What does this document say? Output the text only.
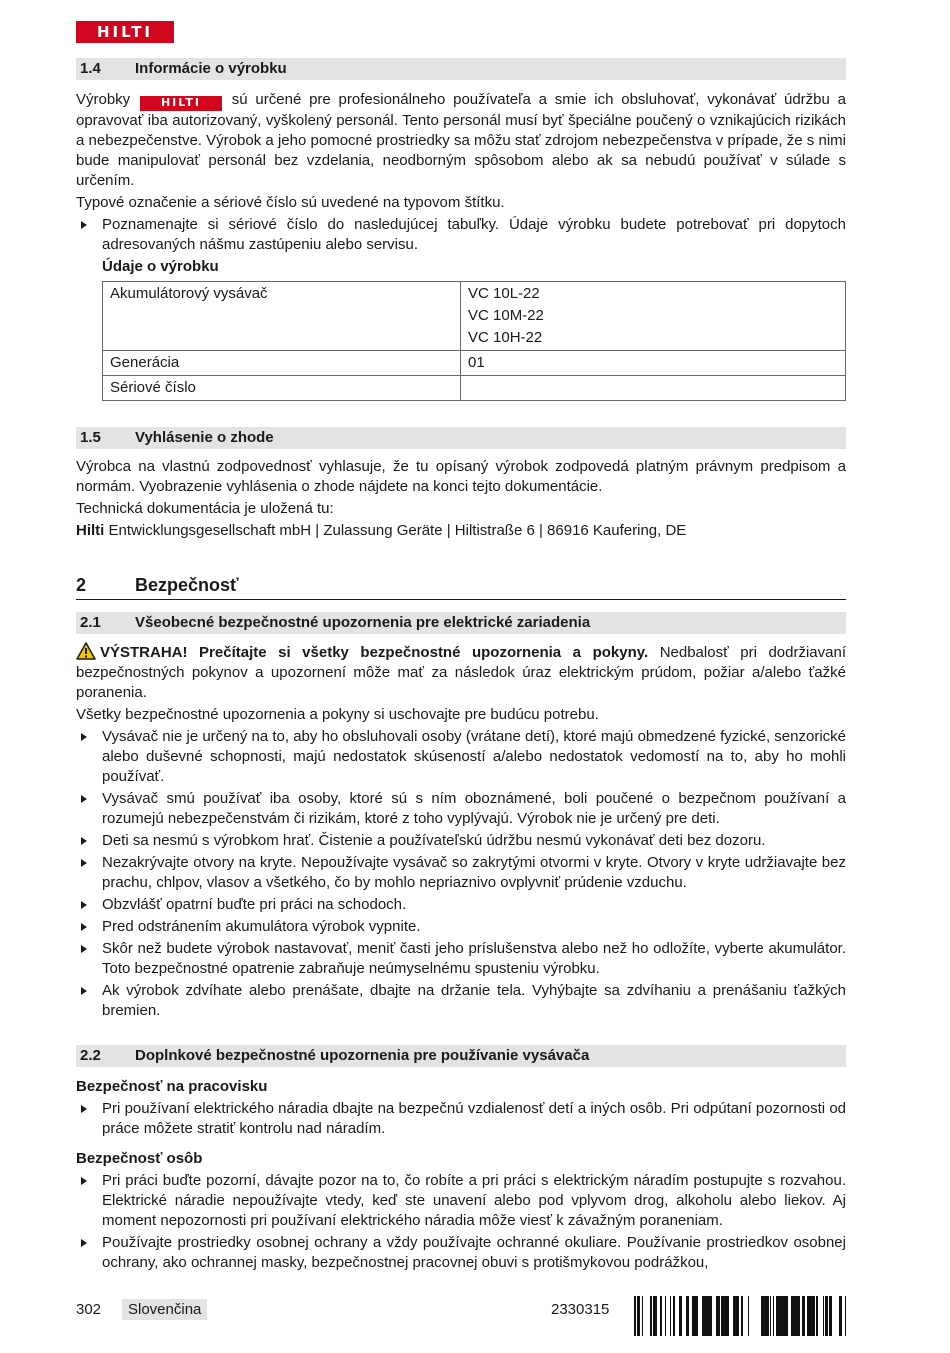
HILTI
1.4	Informácie o výrobku

Výrobky	HILTI sú určené pre profesionálneho používateľa a smie ich obsluhovať, vykonávať údržbu a opravovať iba autorizovaný, vyškolený personál. Tento personál musí byť špeciálne poučený o vznikajúcich rizikách a nebezpečenstve. Výrobok a jeho pomocné prostriedky sa môžu stať zdrojom nebezpečenstva v prípade, že s nimi bude manipulovať personál bez vzdelania, neodborným spôsobom alebo ak sa nebudú používať v súlade s určením.

Typové označenie a sériové číslo sú uvedené na typovom štítku.

Poznamenajte si sériové číslo do nasledujúcej tabuľky. Údaje výrobku budete potrebovať pri dopytoch adresovaných nášmu zastúpeniu alebo servisu.
Údaje o výrobku
Akumulátorový vysávač	VC 10L-22
VC 10M-22
VC 10H-22

Generácia	01
Sériové číslo	
1.5	Vyhlásenie o zhode

Výrobca na vlastnú zodpovednosť vyhlasuje, že tu opísaný výrobok zodpovedá platným právnym predpisom a normám. Vyobrazenie vyhlásenia o zhode nájdete na konci tejto dokumentácie.

Technická dokumentácia je uložená tu:

Hilti Entwicklungsgesellschaft mbH | Zulassung Geräte | Hiltistraße 6 | 86916 Kaufering, DE

2	Bezpečnosť
2.1	Všeobecné bezpečnostné upozornenia pre elektrické zariadenia

VÝSTRAHA! Prečítajte si všetky bezpečnostné upozornenia a pokyny. Nedbalosť pri dodržiavaní bezpečnostných pokynov a upozornení môže mať za následok úraz elektrickým prúdom, požiar a/alebo ťažké poranenia.

Všetky bezpečnostné upozornenia a pokyny si uschovajte pre budúcu potrebu.

Vysávač nie je určený na to, aby ho obsluhovali osoby (vrátane detí), ktoré majú obmedzené fyzické, senzorické alebo duševné schopnosti, majú nedostatok skúseností a/alebo nedostatok vedomostí na to, aby ho mohli používať.
Vysávač smú používať iba osoby, ktoré sú s ním oboznámené, boli poučené o bezpečnom používaní a rozumejú nebezpečenstvám či rizikám, ktoré z toho vyplývajú. Výrobok nie je určený pre deti.
Deti sa nesmú s výrobkom hrať. Čistenie a používateľskú údržbu nesmú vykonávať deti bez dozoru.
Nezakrývajte otvory na kryte. Nepoužívajte vysávač so zakrytými otvormi v kryte. Otvory v kryte udržiavajte bez prachu, chlpov, vlasov a všetkého, čo by mohlo nepriaznivo ovplyvniť prúdenie vzduchu.
Obzvlášť opatrní buďte pri práci na schodoch.
Pred odstránením akumulátora výrobok vypnite.
Skôr než budete výrobok nastavovať, meniť časti jeho príslušenstva alebo než ho odložíte, vyberte akumulátor. Toto bezpečnostné opatrenie zabraňuje neúmyselnému spusteniu výrobku.
Ak výrobok zdvíhate alebo prenášate, dbajte na držanie tela. Vyhýbajte sa zdvíhaniu a prenášaniu ťažkých bremien.
2.2	Doplnkové bezpečnostné upozornenia pre používanie vysávača
Bezpečnosť na pracovisku
Pri používaní elektrického náradia dbajte na bezpečnú vzdialenosť detí a iných osôb. Pri odpútaní pozornosti od práce môžete stratiť kontrolu nad náradím.
Bezpečnosť osôb
Pri práci buďte pozorní, dávajte pozor na to, čo robíte a pri práci s elektrickým náradím postupujte s rozvahou. Elektrické náradie nepoužívajte vtedy, keď ste unavení alebo pod vplyvom drog, alkoholu alebo liekov. Aj moment nepozornosti pri používaní elektrického náradia môže viesť k závažným poraneniam.
Používajte prostriedky osobnej ochrany a vždy používajte ochranné okuliare. Používanie prostriedkov osobnej ochrany, ako ochrannej masky, bezpečnostnej pracovnej obuvi s protišmykovou podrážkou,
302	Slovenčina	2330315
